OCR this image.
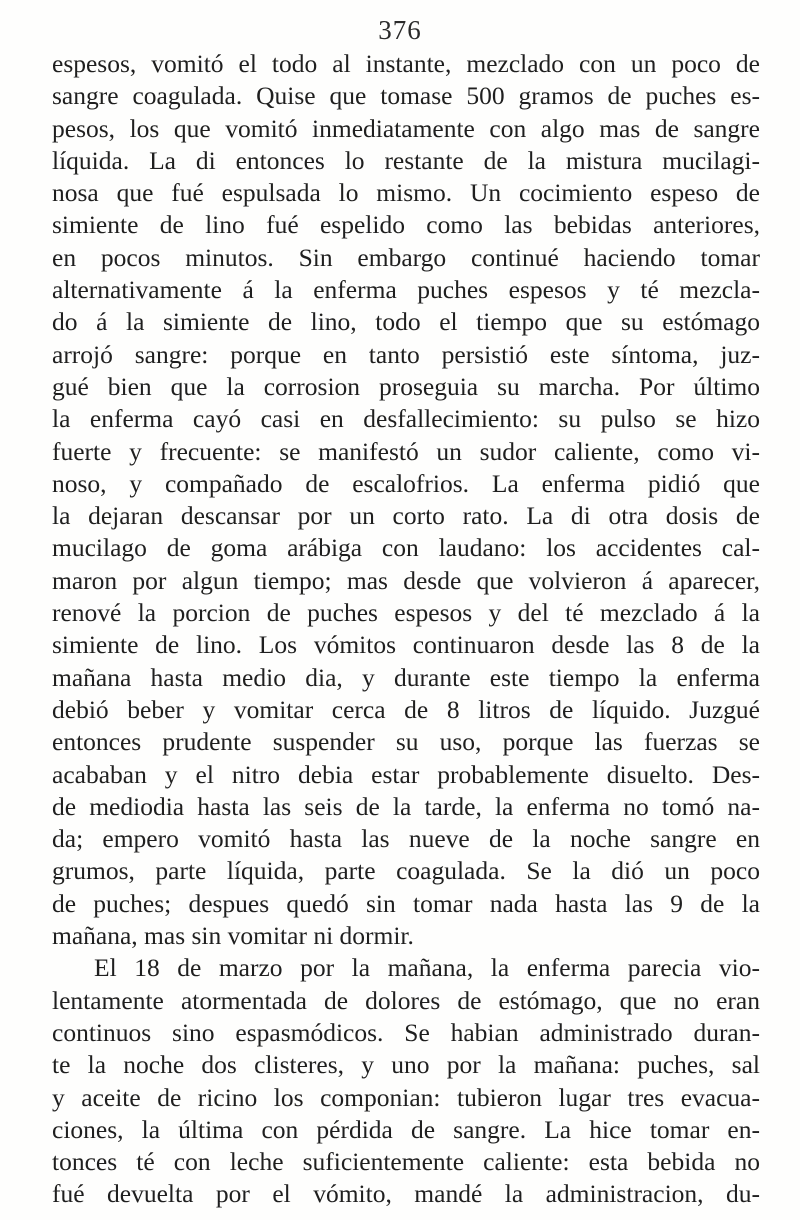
376
espesos, vomitó el todo al instante, mezclado con un poco de
sangre coagulada. Quise que tomase 500 gramos de puches es-
pesos, los que vomitó inmediatamente con algo mas de sangre
líquida. La di entonces lo restante de la mistura mucilagi-
nosa que fué espulsada lo mismo. Un cocimiento espeso de
simiente de lino fué espelido como las bebidas anteriores,
en pocos minutos. Sin embargo continué haciendo tomar
alternativamente á la enferma puches espesos y té mezcla-
do á la simiente de lino, todo el tiempo que su estómago
arrojó sangre: porque en tanto persistió este síntoma, juz-
gué bien que la corrosion proseguia su marcha. Por último
la enferma cayó casi en desfallecimiento: su pulso se hizo
fuerte y frecuente: se manifestó un sudor caliente, como vi-
noso, y compañado de escalofrios. La enferma pidió que
la dejaran descansar por un corto rato. La di otra dosis de
mucilago de goma arábiga con laudano: los accidentes cal-
maron por algun tiempo; mas desde que volvieron á aparecer,
renové la porcion de puches espesos y del té mezclado á la
simiente de lino. Los vómitos continuaron desde las 8 de la
mañana hasta medio dia, y durante este tiempo la enferma
debió beber y vomitar cerca de 8 litros de líquido. Juzgué
entonces prudente suspender su uso, porque las fuerzas se
acababan y el nitro debia estar probablemente disuelto. Des-
de mediodia hasta las seis de la tarde, la enferma no tomó na-
da; empero vomitó hasta las nueve de la noche sangre en
grumos, parte líquida, parte coagulada. Se la dió un poco
de puches; despues quedó sin tomar nada hasta las 9 de la
mañana, mas sin vomitar ni dormir.
El 18 de marzo por la mañana, la enferma parecia vio-
lentamente atormentada de dolores de estómago, que no eran
continuos sino espasmódicos. Se habian administrado duran-
te la noche dos clisteres, y uno por la mañana: puches, sal
y aceite de ricino los componian: tubieron lugar tres evacua-
ciones, la última con pérdida de sangre. La hice tomar en-
tonces té con leche suficientemente caliente: esta bebida no
fué devuelta por el vómito, mandé la administracion, du-
